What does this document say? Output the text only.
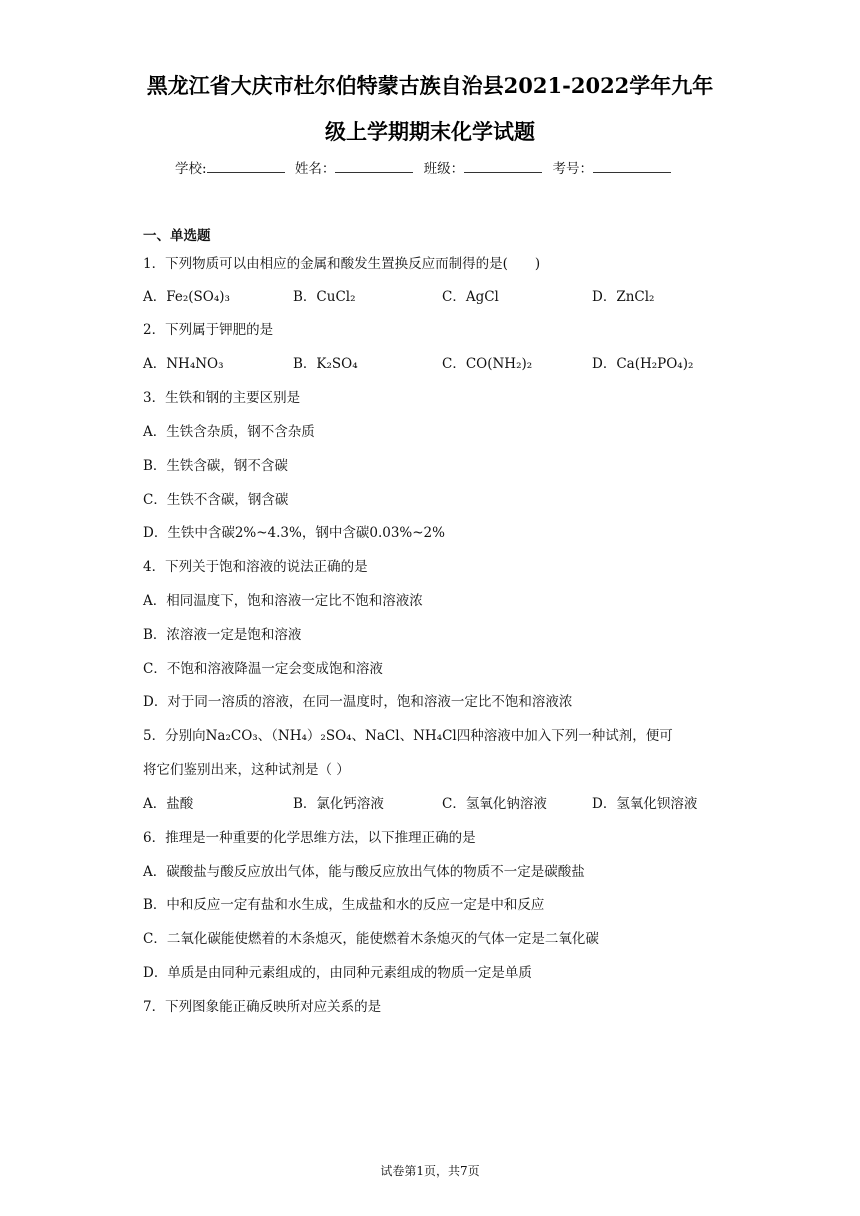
黑龙江省大庆市杜尔伯特蒙古族自治县2021-2022学年九年
级上学期期末化学试题
学校:	姓名：	班级：	考号：
一、单选题
1．下列物质可以由相应的金属和酸发生置换反应而制得的是(　　)
A．Fe₂(SO₄)₃	B．CuCl₂	C．AgCl	D．ZnCl₂
2．下列属于钾肥的是
A．NH₄NO₃	B．K₂SO₄	C．CO(NH₂)₂	D．Ca(H₂PO₄)₂
3．生铁和钢的主要区别是
A．生铁含杂质，钢不含杂质
B．生铁含碳，钢不含碳
C．生铁不含碳，钢含碳
D．生铁中含碳2%~4.3%，钢中含碳0.03%~2%
4．下列关于饱和溶液的说法正确的是
A．相同温度下，饱和溶液一定比不饱和溶液浓
B．浓溶液一定是饱和溶液
C．不饱和溶液降温一定会变成饱和溶液
D．对于同一溶质的溶液，在同一温度时，饱和溶液一定比不饱和溶液浓
5．分别向Na₂CO₃、（NH₄）₂SO₄、NaCl、NH₄Cl四种溶液中加入下列一种试剂，便可
将它们鉴别出来，这种试剂是（ ）
A．盐酸	B．氯化钙溶液	C．氢氧化钠溶液	D．氢氧化钡溶液
6．推理是一种重要的化学思维方法，以下推理正确的是
A．碳酸盐与酸反应放出气体，能与酸反应放出气体的物质不一定是碳酸盐
B．中和反应一定有盐和水生成，生成盐和水的反应一定是中和反应
C．二氧化碳能使燃着的木条熄灭，能使燃着木条熄灭的气体一定是二氧化碳
D．单质是由同种元素组成的，由同种元素组成的物质一定是单质
7．下列图象能正确反映所对应关系的是
试卷第1页，共7页
